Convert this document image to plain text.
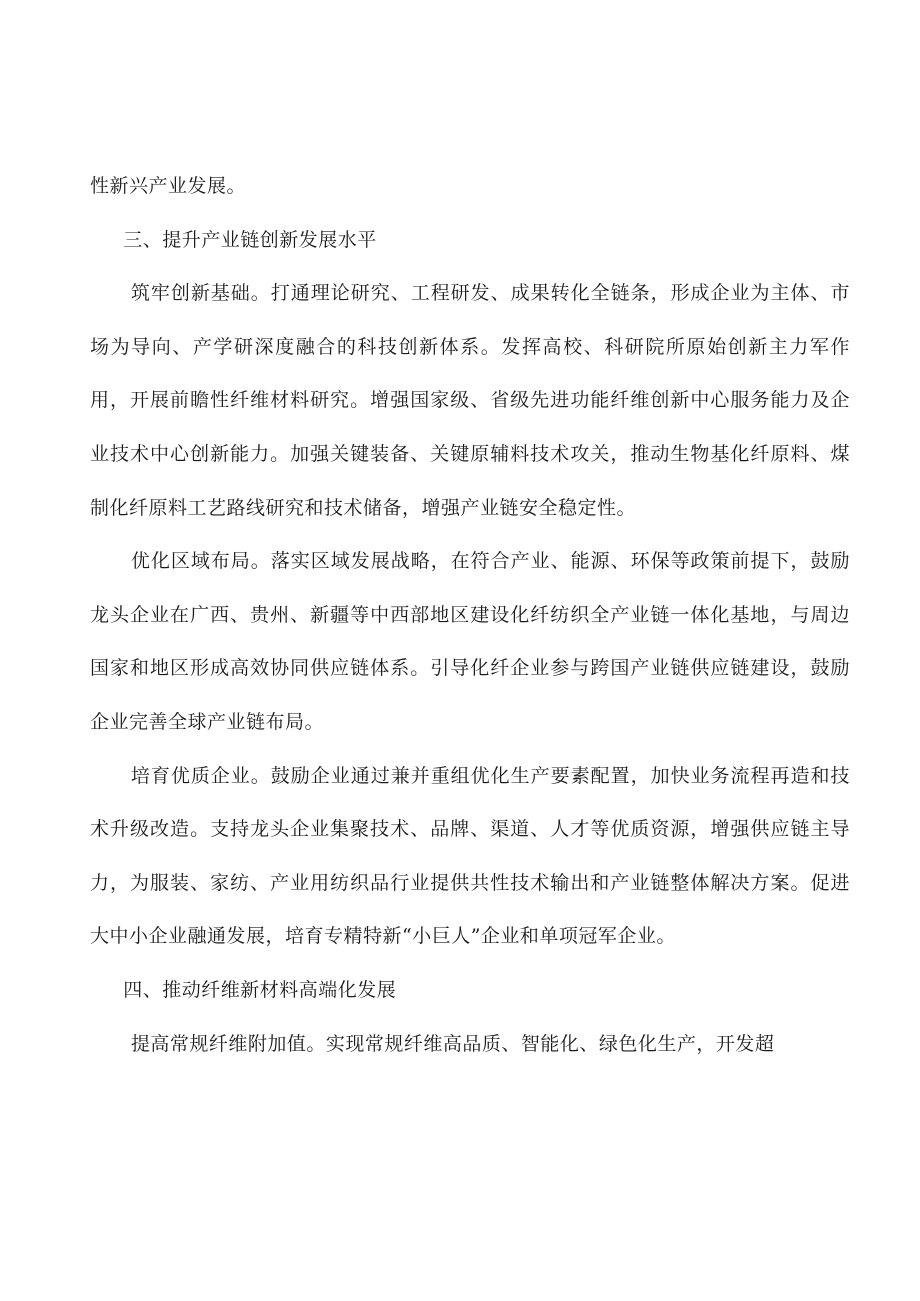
性新兴产业发展。

三、提升产业链创新发展水平

筑牢创新基础。打通理论研究、工程研发、成果转化全链条，形成企业为主体、市场为导向、产学研深度融合的科技创新体系。发挥高校、科研院所原始创新主力军作用，开展前瞻性纤维材料研究。增强国家级、省级先进功能纤维创新中心服务能力及企业技术中心创新能力。加强关键装备、关键原辅料技术攻关，推动生物基化纤原料、煤制化纤原料工艺路线研究和技术储备，增强产业链安全稳定性。

优化区域布局。落实区域发展战略，在符合产业、能源、环保等政策前提下，鼓励龙头企业在广西、贵州、新疆等中西部地区建设化纤纺织全产业链一体化基地，与周边国家和地区形成高效协同供应链体系。引导化纤企业参与跨国产业链供应链建设，鼓励企业完善全球产业链布局。

培育优质企业。鼓励企业通过兼并重组优化生产要素配置，加快业务流程再造和技术升级改造。支持龙头企业集聚技术、品牌、渠道、人才等优质资源，增强供应链主导力，为服装、家纺、产业用纺织品行业提供共性技术输出和产业链整体解决方案。促进大中小企业融通发展，培育专精特新“小巨人”企业和单项冠军企业。

四、推动纤维新材料高端化发展

提高常规纤维附加值。实现常规纤维高品质、智能化、绿色化生产，开发超
